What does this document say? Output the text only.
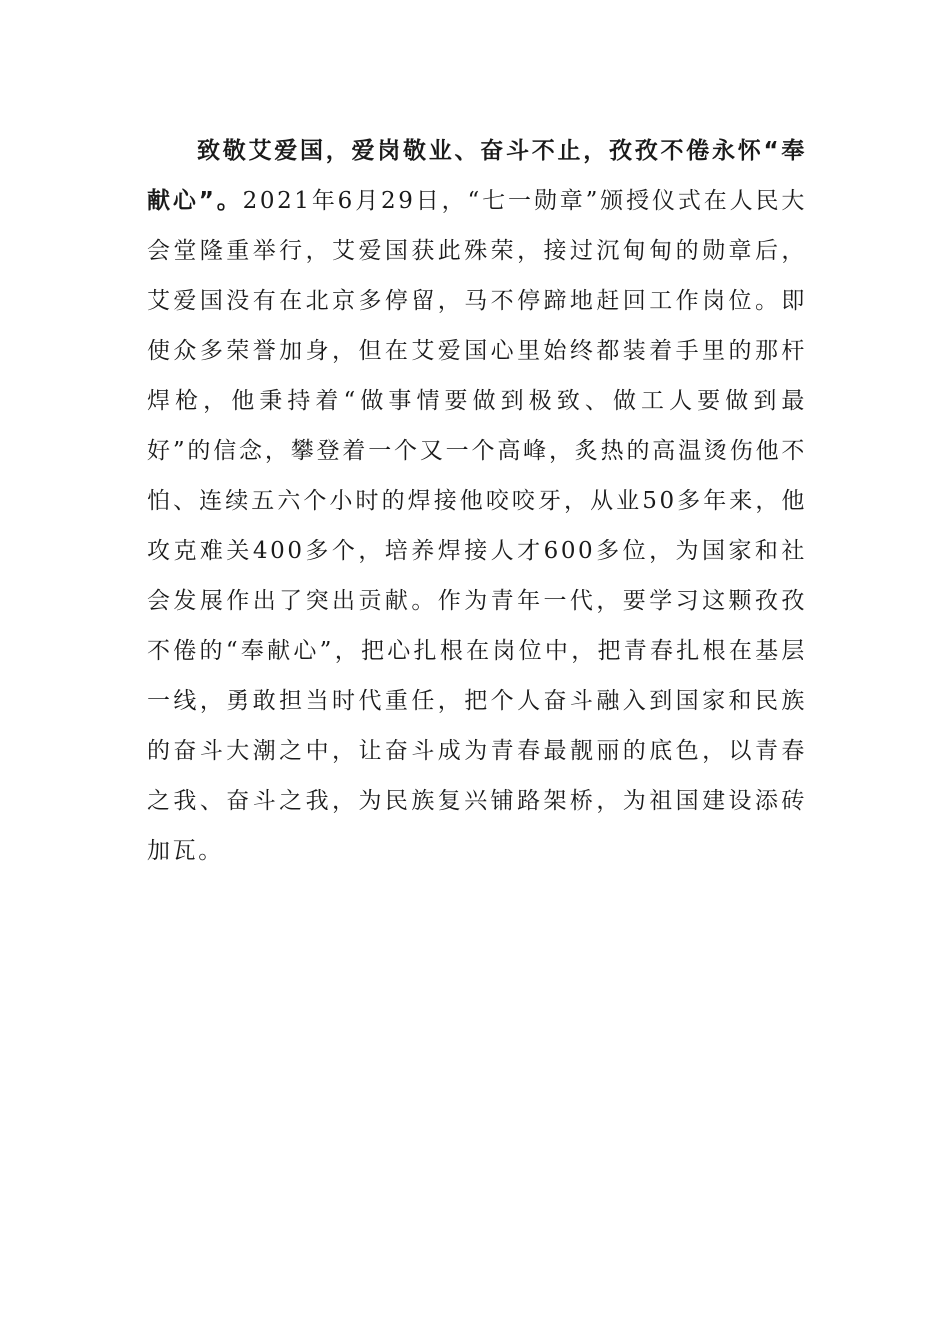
致敬艾爱国，爱岗敬业、奋斗不止，孜孜不倦永怀“奉献心”。2021年6月29日，“七一勋章”颁授仪式在人民大会堂隆重举行，艾爱国获此殊荣，接过沉甸甸的勋章后，艾爱国没有在北京多停留，马不停蹄地赶回工作岗位。即使众多荣誉加身，但在艾爱国心里始终都装着手里的那杆焊枪，他秉持着“做事情要做到极致、做工人要做到最好”的信念，攀登着一个又一个高峰，炙热的高温烫伤他不怕、连续五六个小时的焊接他咬咬牙，从业50多年来，他攻克难关400多个，培养焊接人才600多位，为国家和社会发展作出了突出贡献。作为青年一代，要学习这颗孜孜不倦的“奉献心”，把心扎根在岗位中，把青春扎根在基层一线，勇敢担当时代重任，把个人奋斗融入到国家和民族的奋斗大潮之中，让奋斗成为青春最靓丽的底色，以青春之我、奋斗之我，为民族复兴铺路架桥，为祖国建设添砖加瓦。
